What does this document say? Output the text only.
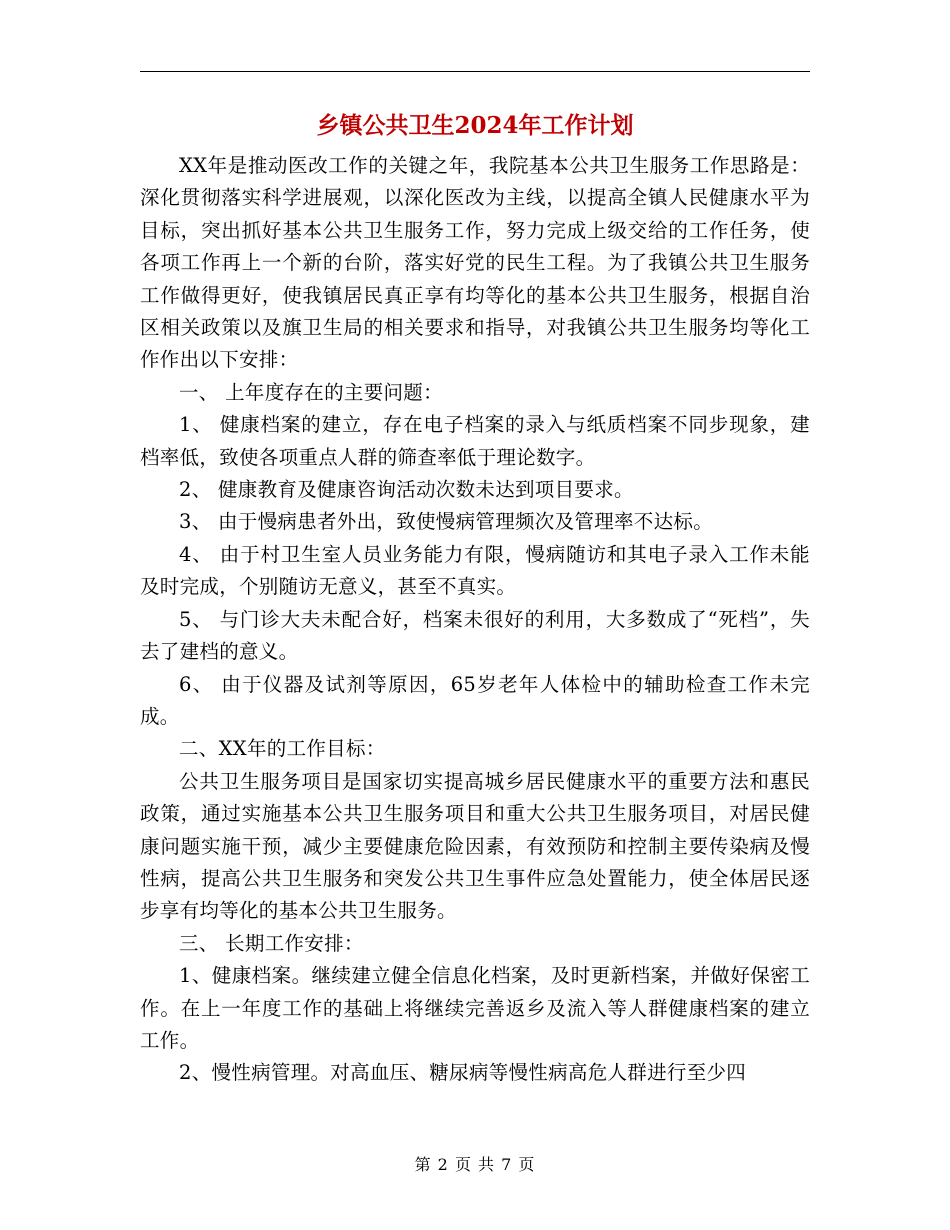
乡镇公共卫生2024年工作计划

XX年是推动医改工作的关键之年，我院基本公共卫生服务工作思路是：深化贯彻落实科学进展观，以深化医改为主线，以提高全镇人民健康水平为目标，突出抓好基本公共卫生服务工作，努力完成上级交给的工作任务，使各项工作再上一个新的台阶，落实好党的民生工程。为了我镇公共卫生服务工作做得更好，使我镇居民真正享有均等化的基本公共卫生服务，根据自治区相关政策以及旗卫生局的相关要求和指导，对我镇公共卫生服务均等化工作作出以下安排：

一、 上年度存在的主要问题：

1、 健康档案的建立，存在电子档案的录入与纸质档案不同步现象，建档率低，致使各项重点人群的筛查率低于理论数字。

2、 健康教育及健康咨询活动次数未达到项目要求。

3、 由于慢病患者外出，致使慢病管理频次及管理率不达标。

4、 由于村卫生室人员业务能力有限，慢病随访和其电子录入工作未能及时完成，个别随访无意义，甚至不真实。

5、 与门诊大夫未配合好，档案未很好的利用，大多数成了“死档”，失去了建档的意义。

6、 由于仪器及试剂等原因，65岁老年人体检中的辅助检查工作未完成。

二、XX年的工作目标：

公共卫生服务项目是国家切实提高城乡居民健康水平的重要方法和惠民政策，通过实施基本公共卫生服务项目和重大公共卫生服务项目，对居民健康问题实施干预，减少主要健康危险因素，有效预防和控制主要传染病及慢性病，提高公共卫生服务和突发公共卫生事件应急处置能力，使全体居民逐步享有均等化的基本公共卫生服务。

三、 长期工作安排：

1、健康档案。继续建立健全信息化档案，及时更新档案，并做好保密工作。在上一年度工作的基础上将继续完善返乡及流入等人群健康档案的建立工作。

2、慢性病管理。对高血压、糖尿病等慢性病高危人群进行至少四

第 2 页 共 7 页
